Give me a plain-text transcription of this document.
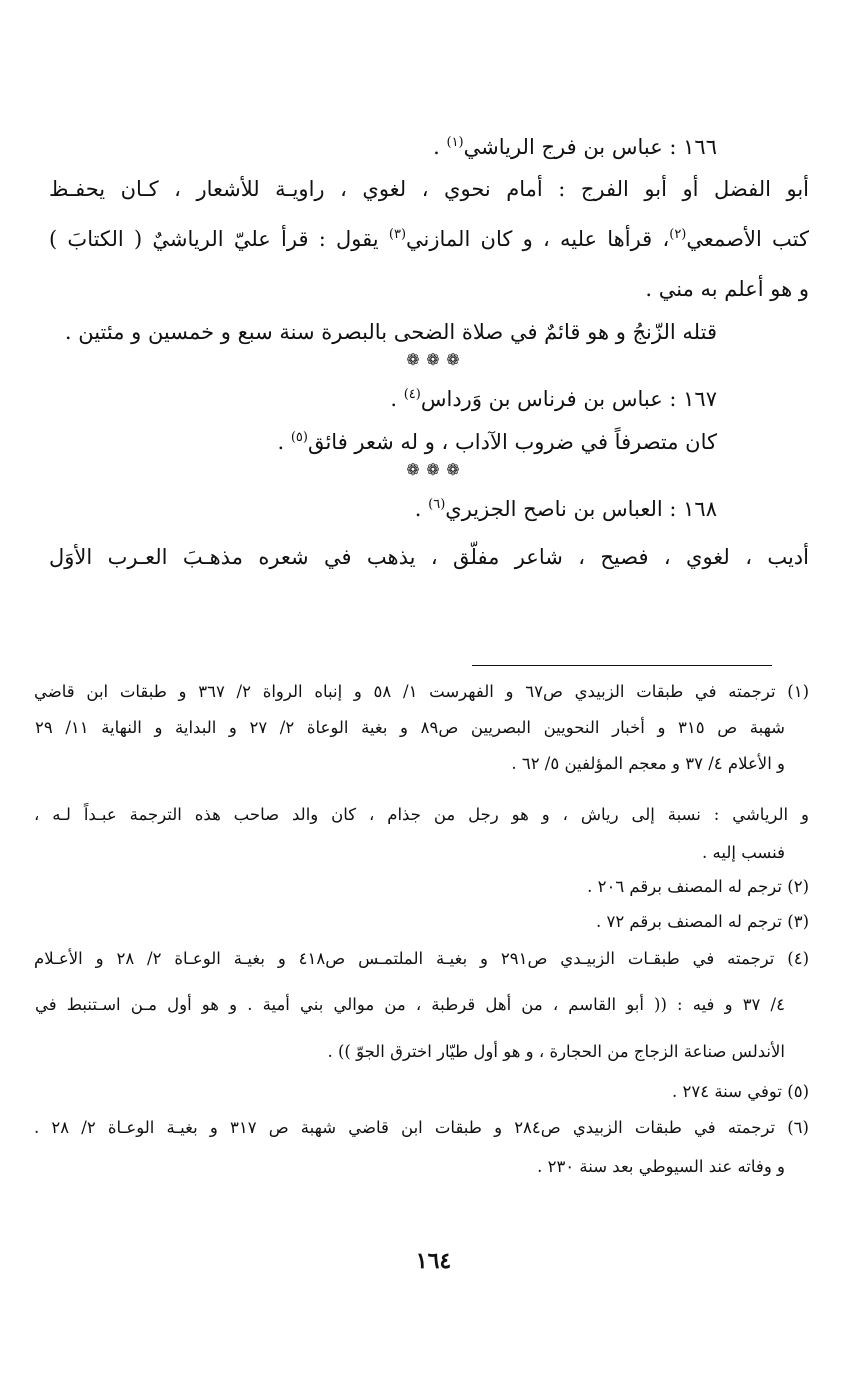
١٦٦ : عباس بن فرج الرياشي$^{(١)}$ .
أبو الفضل أو أبو الفرج : أمام نحوي ، لغوي ، راويـة للأشعار ، كـان يحفـظ
كتب الأصمعي$^{(٢)}$، قرأها عليه ، و كان المازني$^{(٣)}$ يقول : قرأ عليّ الرياشيٌ ( الكتابَ )
و هو أعلم به مني .
قتله الزّنجُ و هو قائمٌ في صلاة الضحى بالبصرة سنة سبع و خمسين و مئتين .
❁ ❁ ❁
١٦٧ : عباس بن فرناس بن وَرداس$^{(٤)}$ .
كان متصرفاً في ضروب الآداب ، و له شعر فائق$^{(٥)}$ .
❁ ❁ ❁
١٦٨ : العباس بن ناصح الجزيري$^{(٦)}$ .
أديب ، لغوي ، فصيح ، شاعر مفلّق ، يذهب في شعره مذهـبَ العـرب الأوَل
(١) ترجمته في طبقات الزبيدي ص٦٧ و الفهرست ١/ ٥٨ و إنباه الرواة ٢/ ٣٦٧ و طبقات ابن قاضي
شهبة ص ٣١٥ و أخبار النحويين البصريين ص٨٩ و بغية الوعاة ٢/ ٢٧ و البداية و النهاية ١١/ ٢٩
و الأعلام ٤/ ٣٧ و معجم المؤلفين ٥/ ٦٢ .
و الرياشي : نسبة إلى رياش ، و هو رجل من جذام ، كان والد صاحب هذه الترجمة عبـداً لـه ،
فنسب إليه .
(٢) ترجم له المصنف برقم ٢٠٦ .
(٣) ترجم له المصنف برقم ٧٢ .
(٤) ترجمته في طبقـات الزبيـدي ص٢٩١ و بغيـة الملتمـس ص٤١٨ و بغيـة الوعـاة ٢/ ٢٨ و الأعـلام
٤/ ٣٧ و فيه : (( أبو القاسم ، من أهل قرطبة ، من موالي بني أمية . و هو أول مـن اسـتنبط في
الأندلس صناعة الزجاج من الحجارة ، و هو أول طيّار اخترق الجوّ )) .
(٥) توفي سنة ٢٧٤ .
(٦) ترجمته في طبقات الزبيدي ص٢٨٤ و طبقات ابن قاضي شهبة ص ٣١٧ و بغيـة الوعـاة ٢/ ٢٨ .
و وفاته عند السيوطي بعد سنة ٢٣٠ .
١٦٤
